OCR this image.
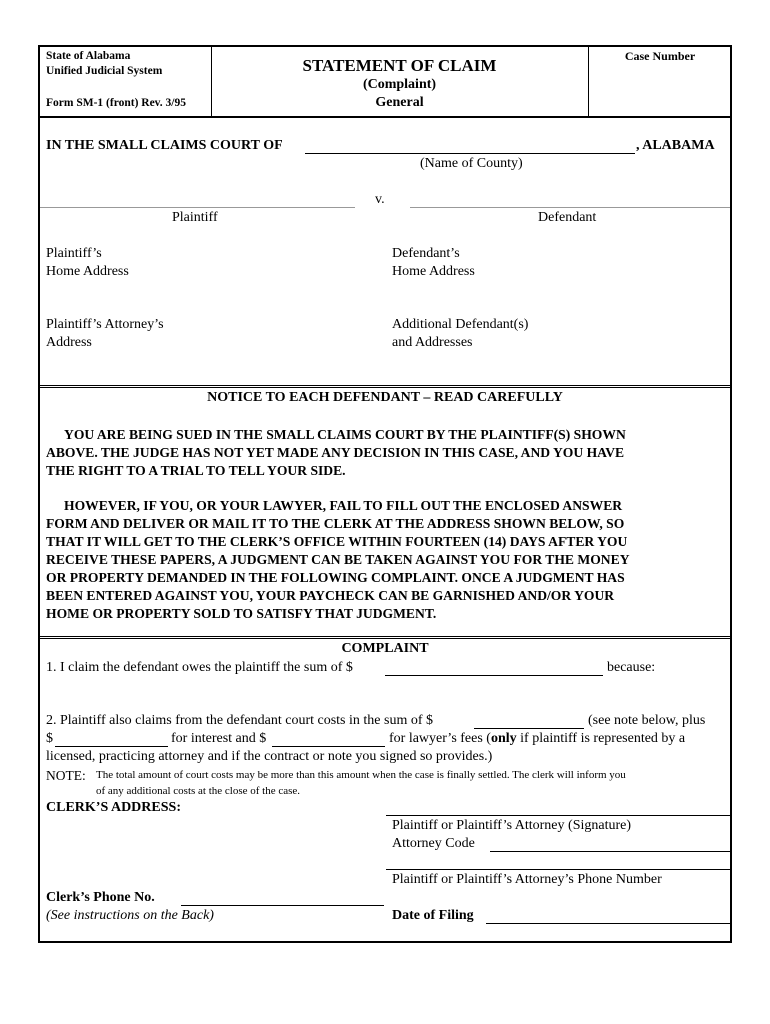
State of Alabama
Unified Judicial System
Form SM-1 (front) Rev. 3/95
STATEMENT OF CLAIM
(Complaint)
General
Case Number
IN THE SMALL CLAIMS COURT OF	, ALABAMA
(Name of County)
v.
Plaintiff	Defendant
Plaintiff’s
Home Address
Defendant’s
Home Address
Plaintiff’s Attorney’s
Address
Additional Defendant(s)
and Addresses
NOTICE TO EACH DEFENDANT – READ CAREFULLY
YOU ARE BEING SUED IN THE SMALL CLAIMS COURT BY THE PLAINTIFF(S) SHOWN
ABOVE. THE JUDGE HAS NOT YET MADE ANY DECISION IN THIS CASE, AND YOU HAVE
THE RIGHT TO A TRIAL TO TELL YOUR SIDE.
HOWEVER, IF YOU, OR YOUR LAWYER, FAIL TO FILL OUT THE ENCLOSED ANSWER
FORM AND DELIVER OR MAIL IT TO THE CLERK AT THE ADDRESS SHOWN BELOW, SO
THAT IT WILL GET TO THE CLERK’S OFFICE WITHIN FOURTEEN (14) DAYS AFTER YOU
RECEIVE THESE PAPERS, A JUDGMENT CAN BE TAKEN AGAINST YOU FOR THE MONEY
OR PROPERTY DEMANDED IN THE FOLLOWING COMPLAINT. ONCE A JUDGMENT HAS
BEEN ENTERED AGAINST YOU, YOUR PAYCHECK CAN BE GARNISHED AND/OR YOUR
HOME OR PROPERTY SOLD TO SATISFY THAT JUDGMENT.
COMPLAINT
1. I claim the defendant owes the plaintiff the sum of $	because:
2. Plaintiff also claims from the defendant court costs in the sum of $	(see note below, plus
$	for interest and $	for lawyer’s fees (only if plaintiff is represented by a
licensed, practicing attorney and if the contract or note you signed so provides.)
NOTE: The total amount of court costs may be more than this amount when the case is finally settled. The clerk will inform you
of any additional costs at the close of the case.
CLERK’S ADDRESS:
Plaintiff or Plaintiff’s Attorney (Signature)
Attorney Code
Plaintiff or Plaintiff’s Attorney’s Phone Number
Clerk’s Phone No.
(See instructions on the Back)	Date of Filing
